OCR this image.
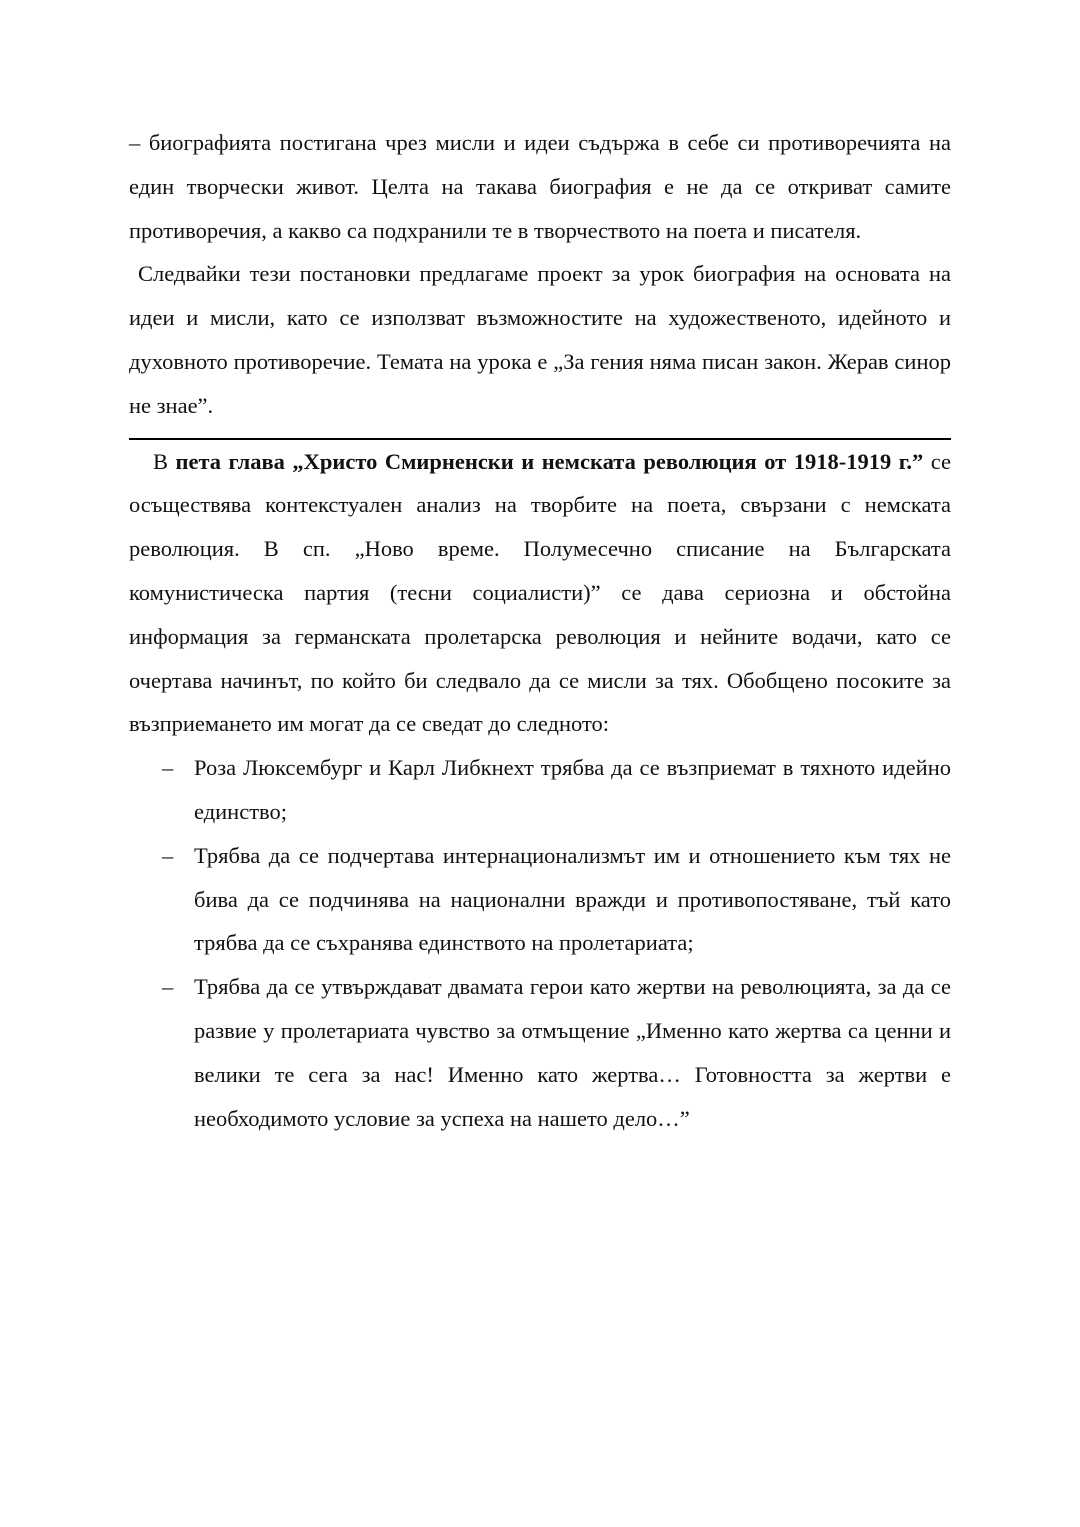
– биографията постигана чрез мисли и идеи съдържа в себе си противоречията на един творчески живот. Целта на такава биография е не да се откриват самите противоречия, а какво са подхранили те в творчеството на поета и писателя.

Следвайки тези постановки предлагаме проект за урок биография на основата на идеи и мисли, като се използват възможностите на художественото, идейното и духовното противоречие. Темата на урока е „За гения няма писан закон. Жерав синор не знае”.

В пета глава „Христо Смирненски и немската революция от 1918-1919 г.” се осъществява контекстуален анализ на творбите на поета, свързани с немската революция. В сп. „Ново време. Полумесечно списание на Българската комунистическа партия (тесни социалисти)” се дава сериозна и обстойна информация за германската пролетарска революция и нейните водачи, като се очертава начинът, по който би следвало да се мисли за тях. Обобщено посоките за възприемането им могат да се сведат до следното:

– Роза Люксембург и Карл Либкнехт трябва да се възприемат в тяхното идейно единство;
– Трябва да се подчертава интернационализмът им и отношението към тях не бива да се подчинява на национални вражди и противопостяване, тъй като трябва да се съхранява единството на пролетариата;
– Трябва да се утвърждават двамата герои като жертви на революцията, за да се развие у пролетариата чувство за отмъщение „Именно като жертва са ценни и велики те сега за нас! Именно като жертва… Готовността за жертви е необходимото условие за успеха на нашето дело…”
